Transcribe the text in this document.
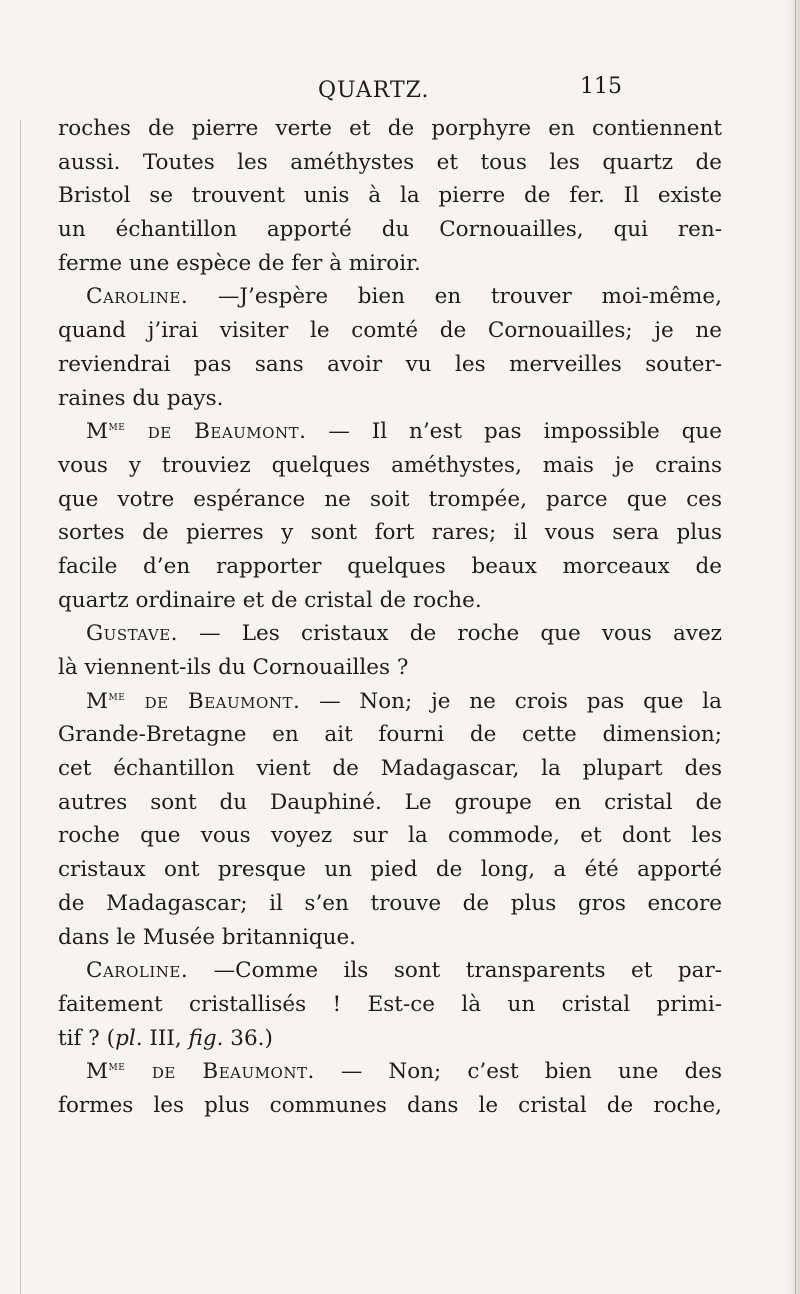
QUARTZ.	115
roches de pierre verte et de porphyre en contiennent
aussi. Toutes les améthystes et tous les quartz de
Bristol se trouvent unis à la pierre de fer. Il existe
un échantillon apporté du Cornouailles, qui ren-
ferme une espèce de fer à miroir.
Caroline. —J’espère bien en trouver moi-même,
quand j’irai visiter le comté de Cornouailles; je ne
reviendrai pas sans avoir vu les merveilles souter-
raines du pays.
$M^{me}$ de Beaumont. — Il n’est pas impossible que
vous y trouviez quelques améthystes, mais je crains
que votre espérance ne soit trompée, parce que ces
sortes de pierres y sont fort rares; il vous sera plus
facile d’en rapporter quelques beaux morceaux de
quartz ordinaire et de cristal de roche.
Gustave. — Les cristaux de roche que vous avez
là viennent-ils du Cornouailles ?
$M^{me}$ de Beaumont. — Non; je ne crois pas que la
Grande-Bretagne en ait fourni de cette dimension;
cet échantillon vient de Madagascar, la plupart des
autres sont du Dauphiné. Le groupe en cristal de
roche que vous voyez sur la commode, et dont les
cristaux ont presque un pied de long, a été apporté
de Madagascar; il s’en trouve de plus gros encore
dans le Musée britannique.
Caroline. —Comme ils sont transparents et par-
faitement cristallisés ! Est-ce là un cristal primi-
tif ? (pl. III, fig. 36.)
$M^{me}$ de Beaumont. — Non; c’est bien une des
formes les plus communes dans le cristal de roche,
